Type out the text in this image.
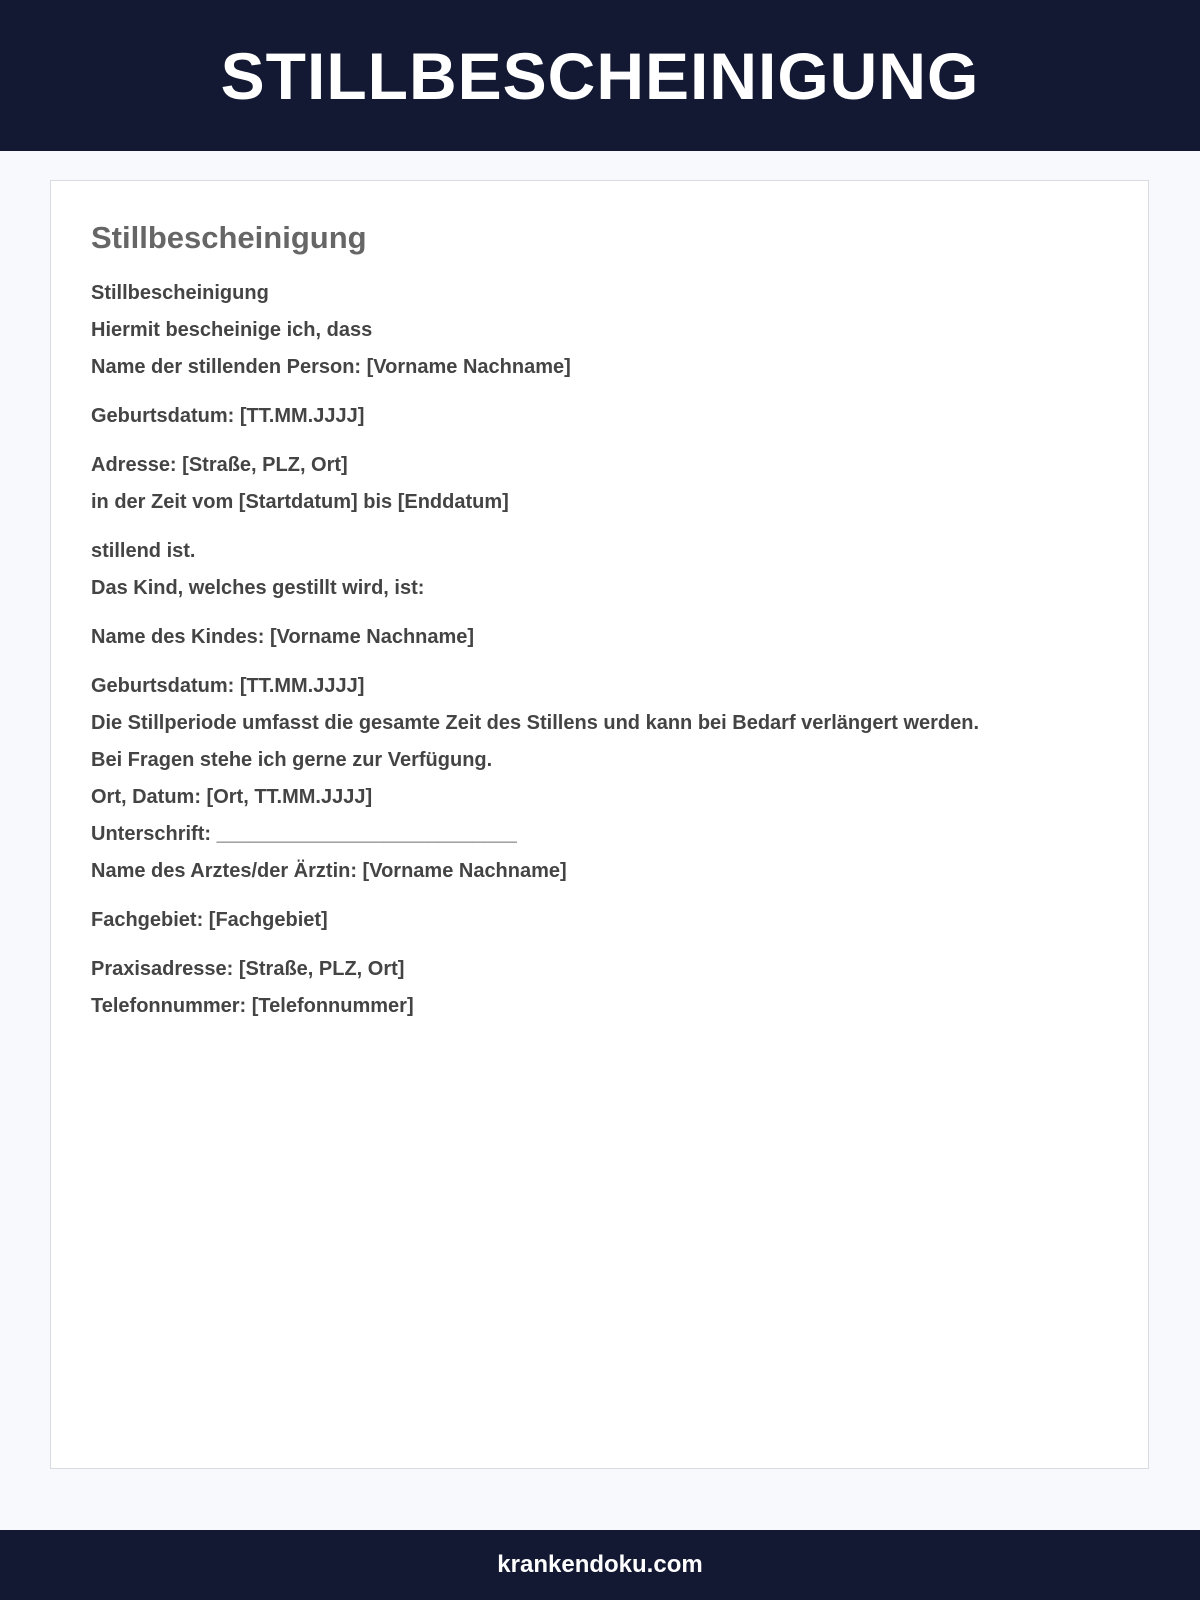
STILLBESCHEINIGUNG
Stillbescheinigung

Stillbescheinigung

Hiermit bescheinige ich, dass

Name der stillenden Person: [Vorname Nachname]

Geburtsdatum: [TT.MM.JJJJ]

Adresse: [Straße, PLZ, Ort]

in der Zeit vom [Startdatum] bis [Enddatum]

stillend ist.

Das Kind, welches gestillt wird, ist:

Name des Kindes: [Vorname Nachname]

Geburtsdatum: [TT.MM.JJJJ]

Die Stillperiode umfasst die gesamte Zeit des Stillens und kann bei Bedarf verlängert werden.

Bei Fragen stehe ich gerne zur Verfügung.

Ort, Datum: [Ort, TT.MM.JJJJ]

Unterschrift: ___________________________

Name des Arztes/der Ärztin: [Vorname Nachname]

Fachgebiet: [Fachgebiet]

Praxisadresse: [Straße, PLZ, Ort]

Telefonnummer: [Telefonnummer]

krankendoku.com
